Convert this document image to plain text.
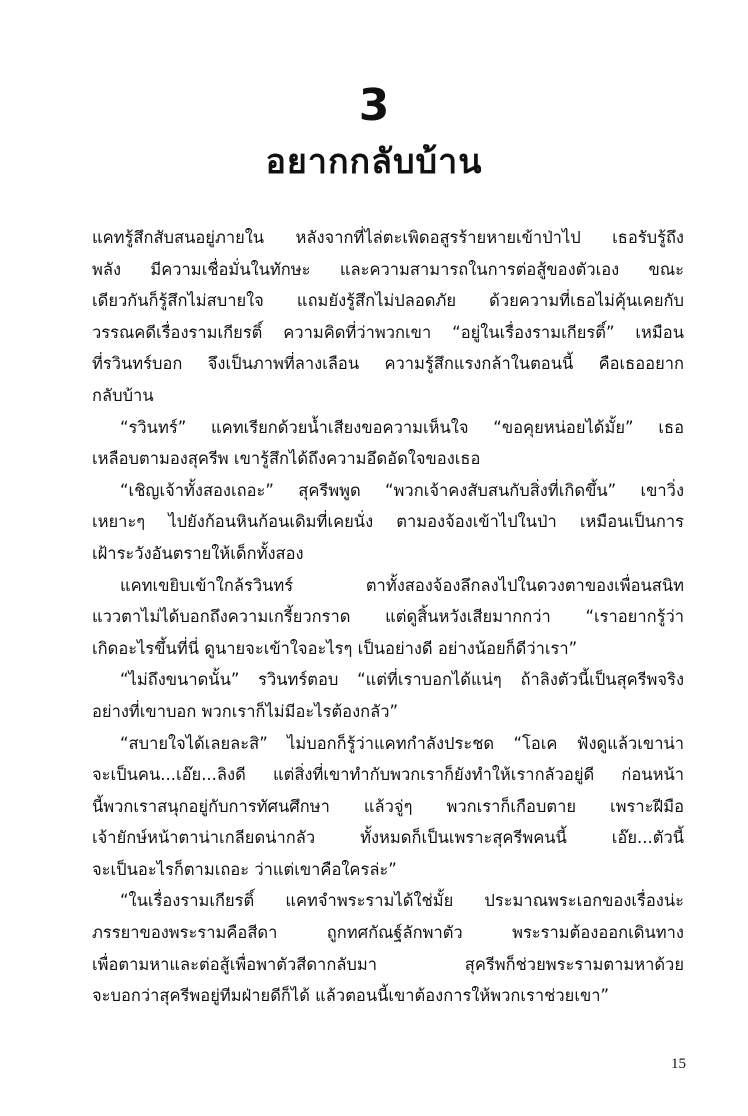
3
อยากกลับบ้าน
แคทรู้สึกสับสนอยู่ภายใน หลังจากที่ไล่ตะเพิดอสูรร้ายหายเข้าป่าไป เธอรับรู้ถึง
พลัง มีความเชื่อมั่นในทักษะ และความสามารถในการต่อสู้ของตัวเอง ขณะ
เดียวกันก็รู้สึกไม่สบายใจ แถมยังรู้สึกไม่ปลอดภัย ด้วยความที่เธอไม่คุ้นเคยกับ
วรรณคดีเรื่องรามเกียรติ์ ความคิดที่ว่าพวกเขา “อยู่ในเรื่องรามเกียรติ์” เหมือน
ที่รวินทร์บอก จึงเป็นภาพที่ลางเลือน ความรู้สึกแรงกล้าในตอนนี้ คือเธออยาก
กลับบ้าน
“รวินทร์” แคทเรียกด้วยน้ำเสียงขอความเห็นใจ “ขอคุยหน่อยได้มั้ย” เธอ
เหลือบตามองสุครีพ เขารู้สึกได้ถึงความอึดอัดใจของเธอ
“เชิญเจ้าทั้งสองเถอะ” สุครีพพูด “พวกเจ้าคงสับสนกับสิ่งที่เกิดขึ้น” เขาวิ่ง
เหยาะๆ ไปยังก้อนหินก้อนเดิมที่เคยนั่ง ตามองจ้องเข้าไปในป่า เหมือนเป็นการ
เฝ้าระวังอันตรายให้เด็กทั้งสอง
แคทเขยิบเข้าใกล้รวินทร์ ตาทั้งสองจ้องลึกลงไปในดวงตาของเพื่อนสนิท
แววตาไม่ได้บอกถึงความเกรี้ยวกราด แต่ดูสิ้นหวังเสียมากกว่า “เราอยากรู้ว่า
เกิดอะไรขึ้นที่นี่ ดูนายจะเข้าใจอะไรๆ เป็นอย่างดี อย่างน้อยก็ดีว่าเรา”
“ไม่ถึงขนาดนั้น” รวินทร์ตอบ “แต่ที่เราบอกได้แน่ๆ ถ้าลิงตัวนี้เป็นสุครีพจริง
อย่างที่เขาบอก พวกเราก็ไม่มีอะไรต้องกลัว”
“สบายใจได้เลยละสิ” ไม่บอกก็รู้ว่าแคทกำลังประชด “โอเค ฟังดูแล้วเขาน่า
จะเป็นคน...เอ๊ย...ลิงดี แต่สิ่งที่เขาทำกับพวกเราก็ยังทำให้เรากลัวอยู่ดี ก่อนหน้า
นี้พวกเราสนุกอยู่กับการทัศนศึกษา แล้วจู่ๆ พวกเราก็เกือบตาย เพราะฝีมือ
เจ้ายักษ์หน้าตาน่าเกลียดน่ากลัว ทั้งหมดก็เป็นเพราะสุครีพคนนี้ เอ๊ย...ตัวนี้
จะเป็นอะไรก็ตามเถอะ ว่าแต่เขาคือใครล่ะ”
“ในเรื่องรามเกียรติ์ แคทจำพระรามได้ใช่มั้ย ประมาณพระเอกของเรื่องน่ะ
ภรรยาของพระรามคือสีดา ถูกทศกัณฐ์ลักพาตัว พระรามต้องออกเดินทาง
เพื่อตามหาและต่อสู้เพื่อพาตัวสีดากลับมา สุครีพก็ช่วยพระรามตามหาด้วย
จะบอกว่าสุครีพอยู่ทีมฝ่ายดีก็ได้ แล้วตอนนี้เขาต้องการให้พวกเราช่วยเขา”
15
